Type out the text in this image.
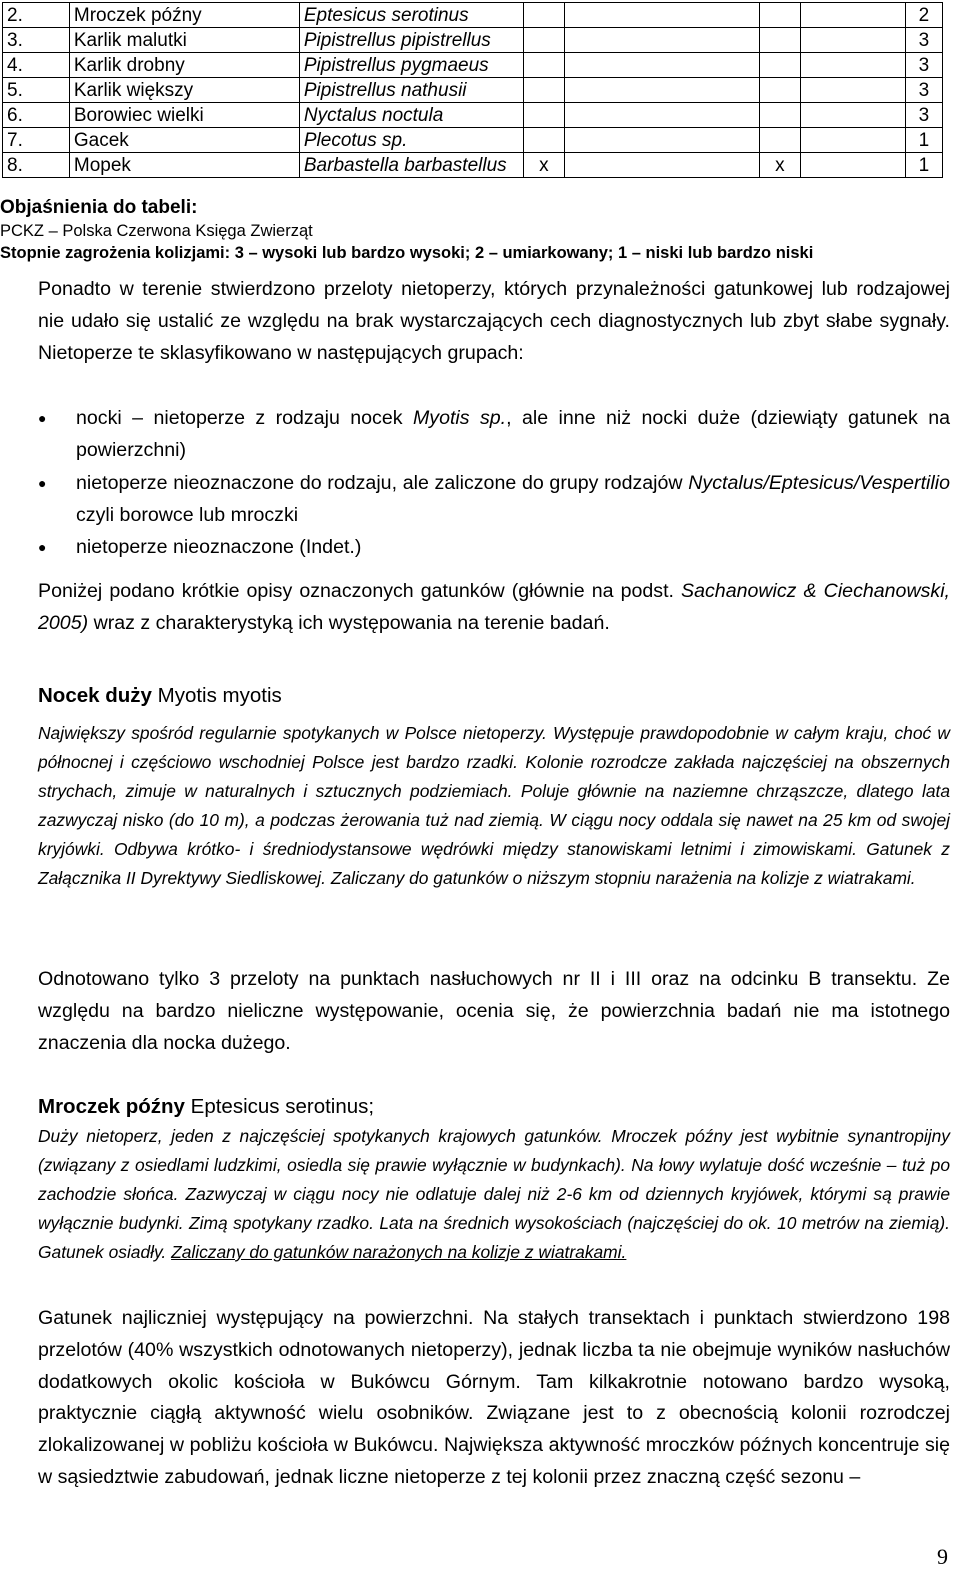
2.	Mroczek późny	Eptesicus serotinus					2
3.	Karlik malutki	Pipistrellus pipistrellus					3
4.	Karlik drobny	Pipistrellus pygmaeus					3
5.	Karlik większy	Pipistrellus nathusii					3
6.	Borowiec wielki	Nyctalus noctula					3
7.	Gacek	Plecotus sp.					1
8.	Mopek	Barbastella barbastellus	x		x		1
Objaśnienia do tabeli:
PCKZ – Polska Czerwona Księga Zwierząt
Stopnie zagrożenia kolizjami: 3 – wysoki lub bardzo wysoki; 2 – umiarkowany; 1 – niski lub bardzo niski

Ponadto w terenie stwierdzono przeloty nietoperzy, których przynależności gatunkowej lub rodzajowej nie udało się ustalić ze względu na brak wystarczających cech diagnostycznych lub zbyt słabe sygnały. Nietoperze te sklasyfikowano w następujących grupach:

●	nocki – nietoperze z rodzaju nocek Myotis sp., ale inne niż nocki duże (dziewiąty gatunek na powierzchni)
●	nietoperze nieoznaczone do rodzaju, ale zaliczone do grupy rodzajów Nyctalus/Eptesicus/Vespertilio czyli borowce lub mroczki
●	nietoperze nieoznaczone (Indet.)

Poniżej podano krótkie opisy oznaczonych gatunków (głównie na podst. Sachanowicz & Ciechanowski, 2005) wraz z charakterystyką ich występowania na terenie badań.

Nocek duży Myotis myotis

Największy spośród regularnie spotykanych w Polsce nietoperzy. Występuje prawdopodobnie w całym kraju, choć w północnej i częściowo wschodniej Polsce jest bardzo rzadki. Kolonie rozrodcze zakłada najczęściej na obszernych strychach, zimuje w naturalnych i sztucznych podziemiach. Poluje głównie na naziemne chrząszcze, dlatego lata zazwyczaj nisko (do 10 m), a podczas żerowania tuż nad ziemią. W ciągu nocy oddala się nawet na 25 km od swojej kryjówki. Odbywa krótko- i średniodystansowe wędrówki między stanowiskami letnimi i zimowiskami. Gatunek z Załącznika II Dyrektywy Siedliskowej. Zaliczany do gatunków o niższym stopniu narażenia na kolizje z wiatrakami.

Odnotowano tylko 3 przeloty na punktach nasłuchowych nr II i III oraz na odcinku B transektu. Ze względu na bardzo nieliczne występowanie, ocenia się, że powierzchnia badań nie ma istotnego znaczenia dla nocka dużego.

Mroczek późny Eptesicus serotinus;

Duży nietoperz, jeden z najczęściej spotykanych krajowych gatunków. Mroczek późny jest wybitnie synantropijny (związany z osiedlami ludzkimi, osiedla się prawie wyłącznie w budynkach). Na łowy wylatuje dość wcześnie – tuż po zachodzie słońca. Zazwyczaj w ciągu nocy nie odlatuje dalej niż 2-6 km od dziennych kryjówek, którymi są prawie wyłącznie budynki. Zimą spotykany rzadko. Lata na średnich wysokościach (najczęściej do ok. 10 metrów na ziemią). Gatunek osiadły. Zaliczany do gatunków narażonych na kolizje z wiatrakami.

Gatunek najliczniej występujący na powierzchni. Na stałych transektach i punktach stwierdzono 198 przelotów (40% wszystkich odnotowanych nietoperzy), jednak liczba ta nie obejmuje wyników nasłuchów dodatkowych okolic kościoła w Bukówcu Górnym. Tam kilkakrotnie notowano bardzo wysoką, praktycznie ciągłą aktywność wielu osobników. Związane jest to z obecnością kolonii rozrodczej zlokalizowanej w pobliżu kościoła w Bukówcu. Największa aktywność mroczków późnych koncentruje się w sąsiedztwie zabudowań, jednak liczne nietoperze z tej kolonii przez znaczną część sezonu –

9
